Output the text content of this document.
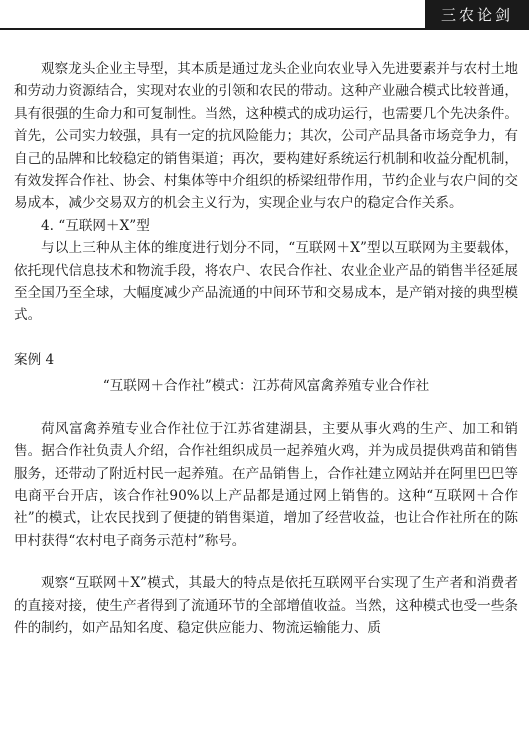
三农论剑

观察龙头企业主导型，其本质是通过龙头企业向农业导入先进要素并与农村土地和劳动力资源结合，实现对农业的引领和农民的带动。这种产业融合模式比较普通，具有很强的生命力和可复制性。当然，这种模式的成功运行，也需要几个先决条件。首先，公司实力较强，具有一定的抗风险能力；其次，公司产品具备市场竞争力，有自己的品牌和比较稳定的销售渠道；再次，要构建好系统运行机制和收益分配机制，有效发挥合作社、协会、村集体等中介组织的桥梁纽带作用，节约企业与农户间的交易成本，减少交易双方的机会主义行为，实现企业与农户的稳定合作关系。

4. “互联网＋X”型

与以上三种从主体的维度进行划分不同，“互联网＋X”型以互联网为主要载体，依托现代信息技术和物流手段，将农户、农民合作社、农业企业产品的销售半径延展至全国乃至全球，大幅度减少产品流通的中间环节和交易成本，是产销对接的典型模式。

案例 4

“互联网＋合作社”模式：江苏荷风富禽养殖专业合作社

荷风富禽养殖专业合作社位于江苏省建湖县，主要从事火鸡的生产、加工和销售。据合作社负责人介绍，合作社组织成员一起养殖火鸡，并为成员提供鸡苗和销售服务，还带动了附近村民一起养殖。在产品销售上，合作社建立网站并在阿里巴巴等电商平台开店，该合作社90%以上产品都是通过网上销售的。这种“互联网＋合作社”的模式，让农民找到了便捷的销售渠道，增加了经营收益，也让合作社所在的陈甲村获得“农村电子商务示范村”称号。

观察“互联网＋X”模式，其最大的特点是依托互联网平台实现了生产者和消费者的直接对接，使生产者得到了流通环节的全部增值收益。当然，这种模式也受一些条件的制约，如产品知名度、稳定供应能力、物流运输能力、质
